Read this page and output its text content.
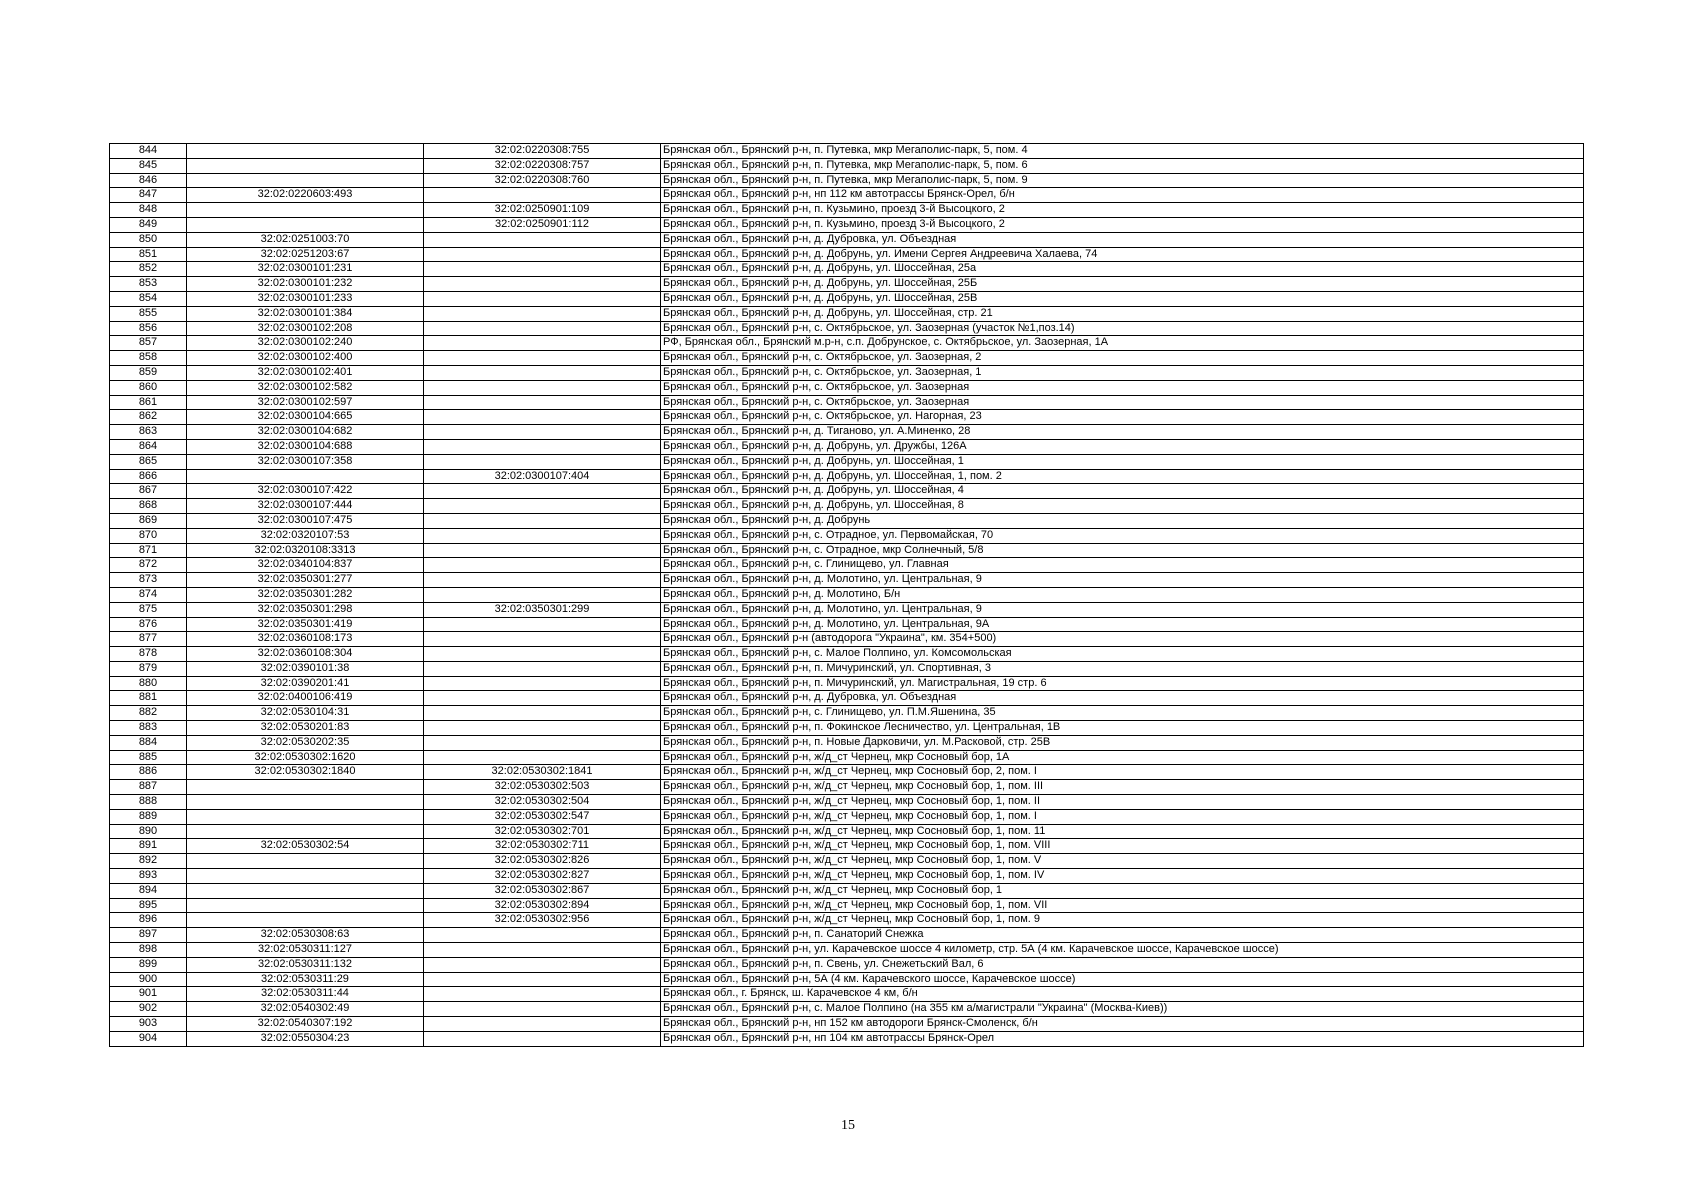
844		32:02:0220308:755	Брянская обл., Брянский р-н, п. Путевка, мкр Мегаполис-парк, 5, пом. 4
845		32:02:0220308:757	Брянская обл., Брянский р-н, п. Путевка, мкр Мегаполис-парк, 5, пом. 6
846		32:02:0220308:760	Брянская обл., Брянский р-н, п. Путевка, мкр Мегаполис-парк, 5, пом. 9
847	32:02:0220603:493		Брянская обл., Брянский р-н, нп 112 км автотрассы Брянск-Орел, б/н
848		32:02:0250901:109	Брянская обл., Брянский р-н, п. Кузьмино, проезд 3-й Высоцкого, 2
849		32:02:0250901:112	Брянская обл., Брянский р-н, п. Кузьмино, проезд 3-й Высоцкого, 2
850	32:02:0251003:70		Брянская обл., Брянский р-н, д. Дубровка, ул. Объездная
851	32:02:0251203:67		Брянская обл., Брянский р-н, д. Добрунь, ул. Имени Сергея Андреевича Халаева, 74
852	32:02:0300101:231		Брянская обл., Брянский р-н, д. Добрунь, ул. Шоссейная, 25а
853	32:02:0300101:232		Брянская обл., Брянский р-н, д. Добрунь, ул. Шоссейная, 25Б
854	32:02:0300101:233		Брянская обл., Брянский р-н, д. Добрунь, ул. Шоссейная, 25В
855	32:02:0300101:384		Брянская обл., Брянский р-н, д. Добрунь, ул. Шоссейная, стр. 21
856	32:02:0300102:208		Брянская обл., Брянский р-н, с. Октябрьское, ул. Заозерная (участок №1,поз.14)
857	32:02:0300102:240		РФ, Брянская обл., Брянский м.р-н, с.п. Добрунское, с. Октябрьское, ул. Заозерная, 1А
858	32:02:0300102:400		Брянская обл., Брянский р-н, с. Октябрьское, ул. Заозерная, 2
859	32:02:0300102:401		Брянская обл., Брянский р-н, с. Октябрьское, ул. Заозерная, 1
860	32:02:0300102:582		Брянская обл., Брянский р-н, с. Октябрьское, ул. Заозерная
861	32:02:0300102:597		Брянская обл., Брянский р-н, с. Октябрьское, ул. Заозерная
862	32:02:0300104:665		Брянская обл., Брянский р-н, с. Октябрьское, ул. Нагорная, 23
863	32:02:0300104:682		Брянская обл., Брянский р-н, д. Тиганово, ул. А.Миненко, 28
864	32:02:0300104:688		Брянская обл., Брянский р-н, д. Добрунь, ул. Дружбы, 126А
865	32:02:0300107:358		Брянская обл., Брянский р-н, д. Добрунь, ул. Шоссейная, 1
866		32:02:0300107:404	Брянская обл., Брянский р-н, д. Добрунь, ул. Шоссейная, 1, пом. 2
867	32:02:0300107:422		Брянская обл., Брянский р-н, д. Добрунь, ул. Шоссейная, 4
868	32:02:0300107:444		Брянская обл., Брянский р-н, д. Добрунь, ул. Шоссейная, 8
869	32:02:0300107:475		Брянская обл., Брянский р-н, д. Добрунь
870	32:02:0320107:53		Брянская обл., Брянский р-н, с. Отрадное, ул. Первомайская, 70
871	32:02:0320108:3313		Брянская обл., Брянский р-н, с. Отрадное, мкр Солнечный, 5/8
872	32:02:0340104:837		Брянская обл., Брянский р-н, с. Глинищево, ул. Главная
873	32:02:0350301:277		Брянская обл., Брянский р-н, д. Молотино, ул. Центральная, 9
874	32:02:0350301:282		Брянская обл., Брянский р-н, д. Молотино, Б/н
875	32:02:0350301:298	32:02:0350301:299	Брянская обл., Брянский р-н, д. Молотино, ул. Центральная, 9
876	32:02:0350301:419		Брянская обл., Брянский р-н, д. Молотино, ул. Центральная, 9А
877	32:02:0360108:173		Брянская обл., Брянский р-н (автодорога "Украина", км. 354+500)
878	32:02:0360108:304		Брянская обл., Брянский р-н, с. Малое Полпино, ул. Комсомольская
879	32:02:0390101:38		Брянская обл., Брянский р-н, п. Мичуринский, ул. Спортивная, 3
880	32:02:0390201:41		Брянская обл., Брянский р-н, п. Мичуринский, ул. Магистральная, 19 стр. 6
881	32:02:0400106:419		Брянская обл., Брянский р-н, д. Дубровка, ул. Объездная
882	32:02:0530104:31		Брянская обл., Брянский р-н, с. Глинищево, ул. П.М.Яшенина, 35
883	32:02:0530201:83		Брянская обл., Брянский р-н, п. Фокинское Лесничество, ул. Центральная, 1В
884	32:02:0530202:35		Брянская обл., Брянский р-н, п. Новые Дарковичи, ул. М.Расковой, стр. 25В
885	32:02:0530302:1620		Брянская обл., Брянский р-н, ж/д_ст Чернец, мкр Сосновый бор, 1А
886	32:02:0530302:1840	32:02:0530302:1841	Брянская обл., Брянский р-н, ж/д_ст Чернец, мкр Сосновый бор, 2, пом. I
887		32:02:0530302:503	Брянская обл., Брянский р-н, ж/д_ст Чернец, мкр Сосновый бор, 1, пом. III
888		32:02:0530302:504	Брянская обл., Брянский р-н, ж/д_ст Чернец, мкр Сосновый бор, 1, пом. II
889		32:02:0530302:547	Брянская обл., Брянский р-н, ж/д_ст Чернец, мкр Сосновый бор, 1, пом. I
890		32:02:0530302:701	Брянская обл., Брянский р-н, ж/д_ст Чернец, мкр Сосновый бор, 1, пом. 11
891	32:02:0530302:54	32:02:0530302:711	Брянская обл., Брянский р-н, ж/д_ст Чернец, мкр Сосновый бор, 1, пом. VIII
892		32:02:0530302:826	Брянская обл., Брянский р-н, ж/д_ст Чернец, мкр Сосновый бор, 1, пом. V
893		32:02:0530302:827	Брянская обл., Брянский р-н, ж/д_ст Чернец, мкр Сосновый бор, 1, пом. IV
894		32:02:0530302:867	Брянская обл., Брянский р-н, ж/д_ст Чернец, мкр Сосновый бор, 1
895		32:02:0530302:894	Брянская обл., Брянский р-н, ж/д_ст Чернец, мкр Сосновый бор, 1, пом. VII
896		32:02:0530302:956	Брянская обл., Брянский р-н, ж/д_ст Чернец, мкр Сосновый бор, 1, пом. 9
897	32:02:0530308:63		Брянская обл., Брянский р-н, п. Санаторий Снежка
898	32:02:0530311:127		Брянская обл., Брянский р-н, ул. Карачевское шоссе 4 километр, стр. 5А (4 км. Карачевское шоссе, Карачевское шоссе)
899	32:02:0530311:132		Брянская обл., Брянский р-н, п. Свень, ул. Снежетьский Вал, 6
900	32:02:0530311:29		Брянская обл., Брянский р-н, 5А (4 км. Карачевского шоссе, Карачевское шоссе)
901	32:02:0530311:44		Брянская обл., г. Брянск, ш. Карачевское 4 км, б/н
902	32:02:0540302:49		Брянская обл., Брянский р-н, с. Малое Полпино (на 355 км а/магистрали "Украина" (Москва-Киев))
903	32:02:0540307:192		Брянская обл., Брянский р-н, нп 152 км автодороги Брянск-Смоленск, б/н
904	32:02:0550304:23		Брянская обл., Брянский р-н, нп 104 км автотрассы Брянск-Орел
15
